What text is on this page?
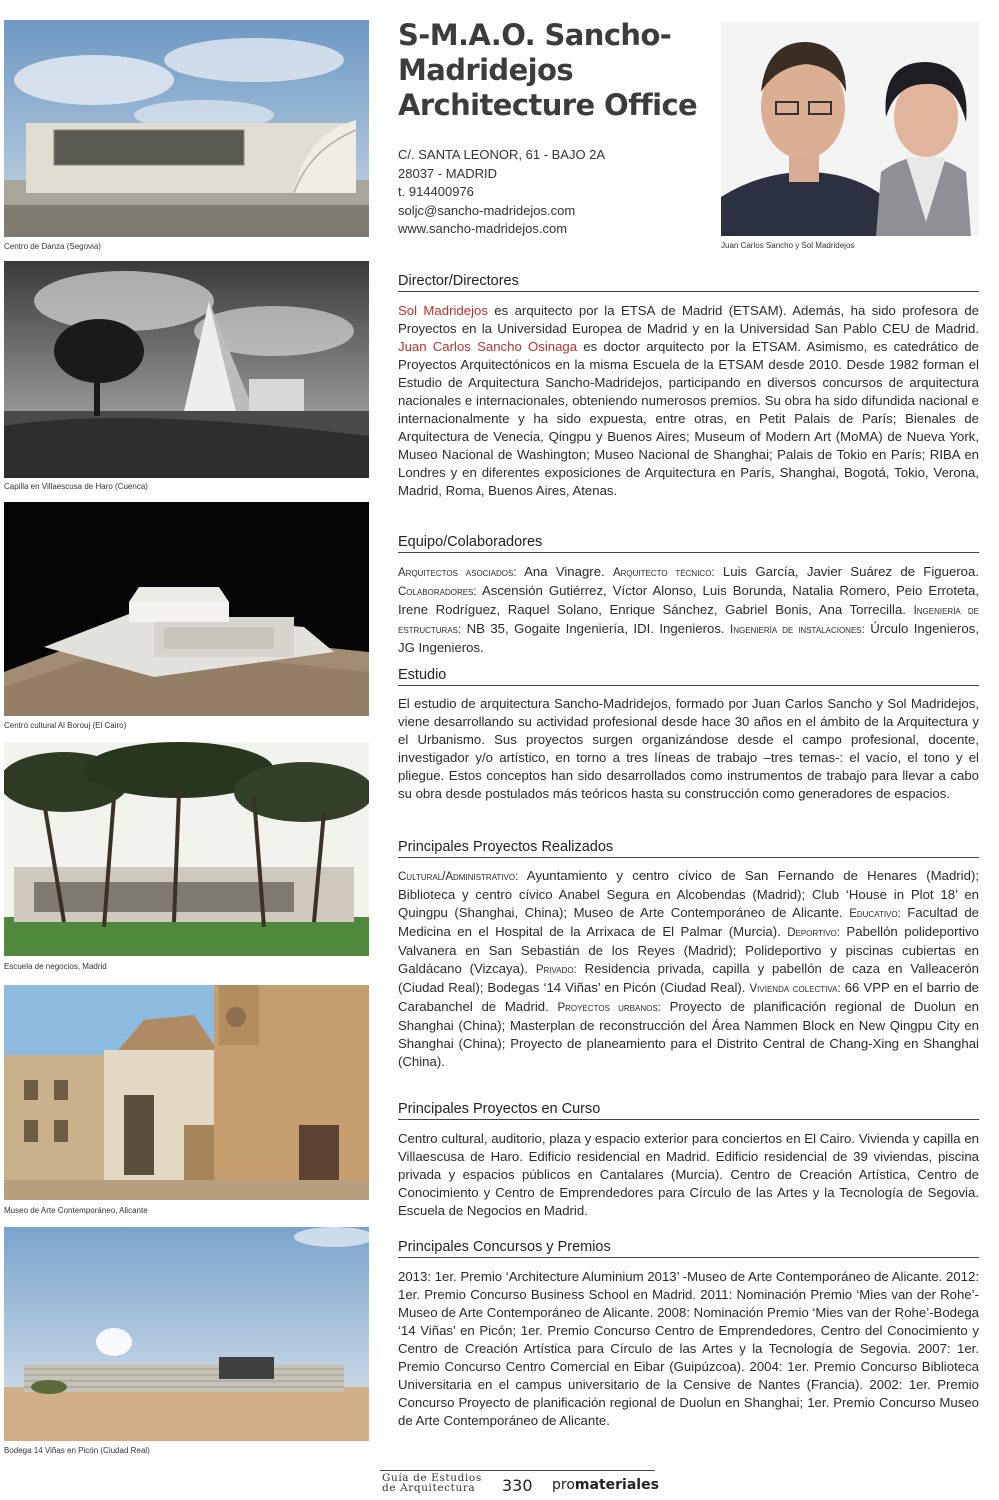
Centro de Danza (Segovia)
Capilla en Villaescusa de Haro (Cuenca)
Centro cultural Al Borouj (El Cairo)
Escuela de negocios, Madrid
Museo de Arte Contemporáneo, Alicante
Bodega 14 Viñas en Picón (Ciudad Real)
S-M.A.O. Sancho-
Madridejos
Architecture Office
C/. SANTA LEONOR, 61 - BAJO 2A
28037 - MADRID
t. 914400976
soljc@sancho-madridejos.com
www.sancho-madridejos.com
Juan Carlos Sancho y Sol Madridejos
Director/Directores
Sol Madridejos es arquitecto por la ETSA de Madrid (ETSAM). Además, ha sido profesora de Proyectos en la Universidad Europea de Madrid y en la Universidad San Pablo CEU de Madrid. Juan Carlos Sancho Osinaga es doctor arquitecto por la ETSAM. Asimismo, es catedrático de Proyectos Arquitectónicos en la misma Escuela de la ETSAM desde 2010. Desde 1982 forman el Estudio de Arquitectura Sancho-Madridejos, participando en diversos concursos de arquitectura nacionales e internacionales, obteniendo numerosos premios. Su obra ha sido difundida nacional e internacionalmente y ha sido expuesta, entre otras, en Petit Palais de París; Bienales de Arquitectura de Venecia, Qingpu y Buenos Aires; Museum of Modern Art (MoMA) de Nueva York, Museo Nacional de Washington; Museo Nacional de Shanghai; Palais de Tokio en París; RIBA en Londres y en diferentes exposiciones de Arquitectura en París, Shanghai, Bogotá, Tokio, Verona, Madrid, Roma, Buenos Aires, Atenas.
Equipo/Colaboradores
Arquitectos asociados: Ana Vinagre. Arquitecto técnico: Luis García, Javier Suárez de Figueroa. Colaboradores: Ascensión Gutiérrez, Víctor Alonso, Luis Borunda, Natalia Romero, Peio Erroteta, Irene Rodríguez, Raquel Solano, Enrique Sánchez, Gabriel Bonis, Ana Torrecilla. Ingeniería de estructuras: NB 35, Gogaite Ingeniería, IDI. Ingenieros. Ingeniería de instalaciones: Úrculo Ingenieros, JG Ingenieros.
Estudio
El estudio de arquitectura Sancho-Madridejos, formado por Juan Carlos Sancho y Sol Madridejos, viene desarrollando su actividad profesional desde hace 30 años en el ámbito de la Arquitectura y el Urbanismo. Sus proyectos surgen organizándose desde el campo profesional, docente, investigador y/o artístico, en torno a tres líneas de trabajo –tres temas-: el vacío, el tono y el pliegue. Estos conceptos han sido desarrollados como instrumentos de trabajo para llevar a cabo su obra desde postulados más teóricos hasta su construcción como generadores de espacios.
Principales Proyectos Realizados
Cultural/Administrativo: Ayuntamiento y centro cívico de San Fernando de Henares (Madrid); Biblioteca y centro cívico Anabel Segura en Alcobendas (Madrid); Club ‘House in Plot 18’ en Quingpu (Shanghai, China); Museo de Arte Contemporáneo de Alicante. Educativo: Facultad de Medicina en el Hospital de la Arrixaca de El Palmar (Murcia). Deportivo: Pabellón polideportivo Valvanera en San Sebastián de los Reyes (Madrid); Polideportivo y piscinas cubiertas en Galdácano (Vizcaya). Privado: Residencia privada, capilla y pabellón de caza en Valleacerón (Ciudad Real); Bodegas ‘14 Viñas’ en Picón (Ciudad Real). Vivienda colectiva: 66 VPP en el barrio de Carabanchel de Madrid. Proyectos urbanos: Proyecto de planificación regional de Duolun en Shanghai (China); Masterplan de reconstrucción del Área Nammen Block en New Qingpu City en Shanghai (China); Proyecto de planeamiento para el Distrito Central de Chang-Xing en Shanghai (China).
Principales Proyectos en Curso
Centro cultural, auditorio, plaza y espacio exterior para conciertos en El Cairo. Vivienda y capilla en Villaescusa de Haro. Edificio residencial en Madrid. Edificio residencial de 39 viviendas, piscina privada y espacios públicos en Cantalares (Murcia). Centro de Creación Artística, Centro de Conocimiento y Centro de Emprendedores para Círculo de las Artes y la Tecnología de Segovia. Escuela de Negocios en Madrid.
Principales Concursos y Premios
2013: 1er. Premio ‘Architecture Aluminium 2013’ -Museo de Arte Contemporáneo de Alicante. 2012: 1er. Premio Concurso Business School en Madrid. 2011: Nominación Premio ‘Mies van der Rohe’-Museo de Arte Contemporáneo de Alicante. 2008: Nominación Premio ‘Mies van der Rohe’-Bodega ‘14 Viñas’ en Picón; 1er. Premio Concurso Centro de Emprendedores, Centro del Conocimiento y Centro de Creación Artística para Círculo de las Artes y la Tecnología de Segovia. 2007: 1er. Premio Concurso Centro Comercial en Eibar (Guipúzcoa). 2004: 1er. Premio Concurso Biblioteca Universitaria en el campus universitario de la Censive de Nantes (Francia). 2002: 1er. Premio Concurso Proyecto de planificación regional de Duolun en Shanghai; 1er. Premio Concurso Museo de Arte Contemporáneo de Alicante.
Guía de Estudios
de Arquitectura	330 promateriales
